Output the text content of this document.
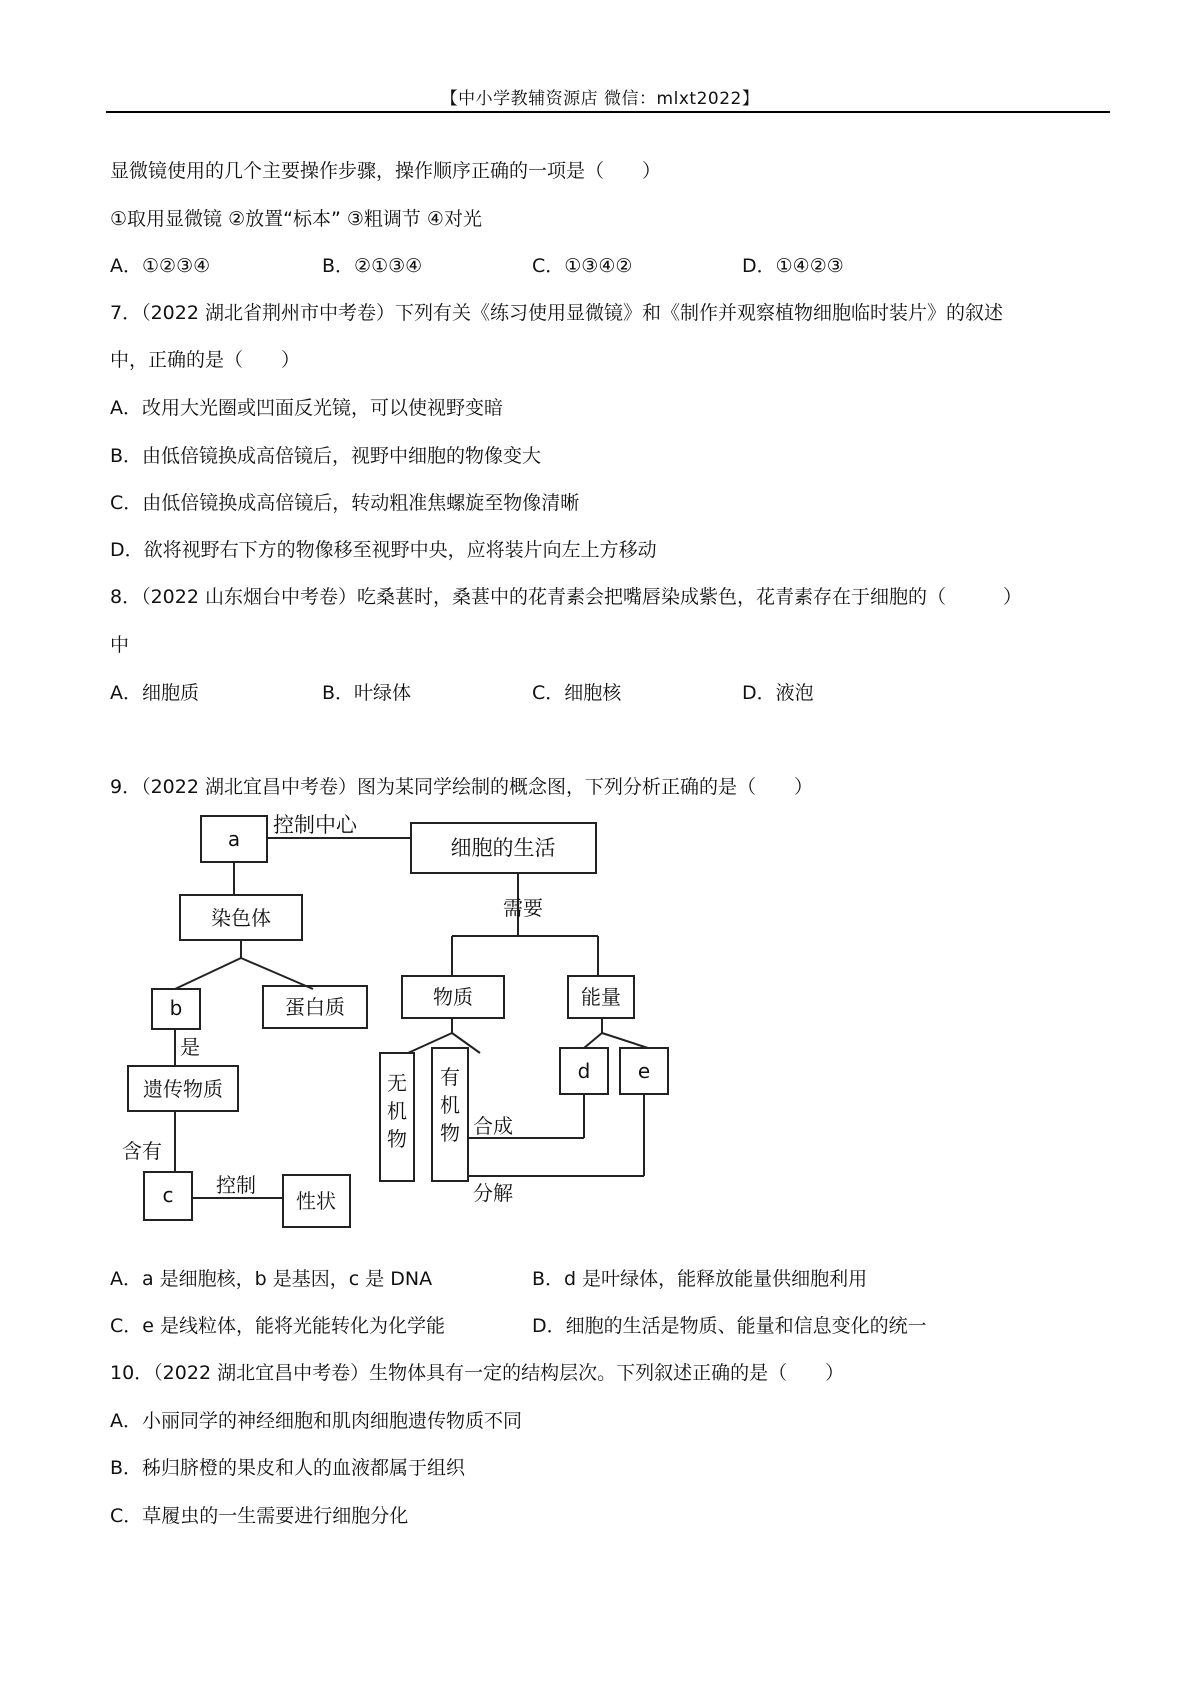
【中小学教辅资源店 微信：mlxt2022】
显微镜使用的几个主要操作步骤，操作顺序正确的一项是（　　）
①取用显微镜 ②放置“标本” ③粗调节 ④对光
A．①②③④	B．②①③④	C．①③④②	D．①④②③
7．（2022 湖北省荆州市中考卷）下列有关《练习使用显微镜》和《制作并观察植物细胞临时装片》的叙述
中，正确的是（　　）
A．改用大光圈或凹面反光镜，可以使视野变暗
B．由低倍镜换成高倍镜后，视野中细胞的物像变大
C．由低倍镜换成高倍镜后，转动粗准焦螺旋至物像清晰
D．欲将视野右下方的物像移至视野中央，应将装片向左上方移动
8．（2022 山东烟台中考卷）吃桑葚时，桑葚中的花青素会把嘴唇染成紫色，花青素存在于细胞的（　　　）
中
A．细胞质	B．叶绿体	C．细胞核	D．液泡
9．（2022 湖北宜昌中考卷）图为某同学绘制的概念图，下列分析正确的是（　　）
a
控制中心
细胞的生活
染色体	需要
b	蛋白质	物质	能量
是
遗传物质	无
机
物
有
机
物
d e
含有
合成
c 控制
性状	分解
A．a 是细胞核，b 是基因，c 是 DNA	B．d 是叶绿体，能释放能量供细胞利用
C．e 是线粒体，能将光能转化为化学能	D．细胞的生活是物质、能量和信息变化的统一
10．（2022 湖北宜昌中考卷）生物体具有一定的结构层次。下列叙述正确的是（　　）
A．小丽同学的神经细胞和肌肉细胞遗传物质不同
B．秭归脐橙的果皮和人的血液都属于组织
C．草履虫的一生需要进行细胞分化
